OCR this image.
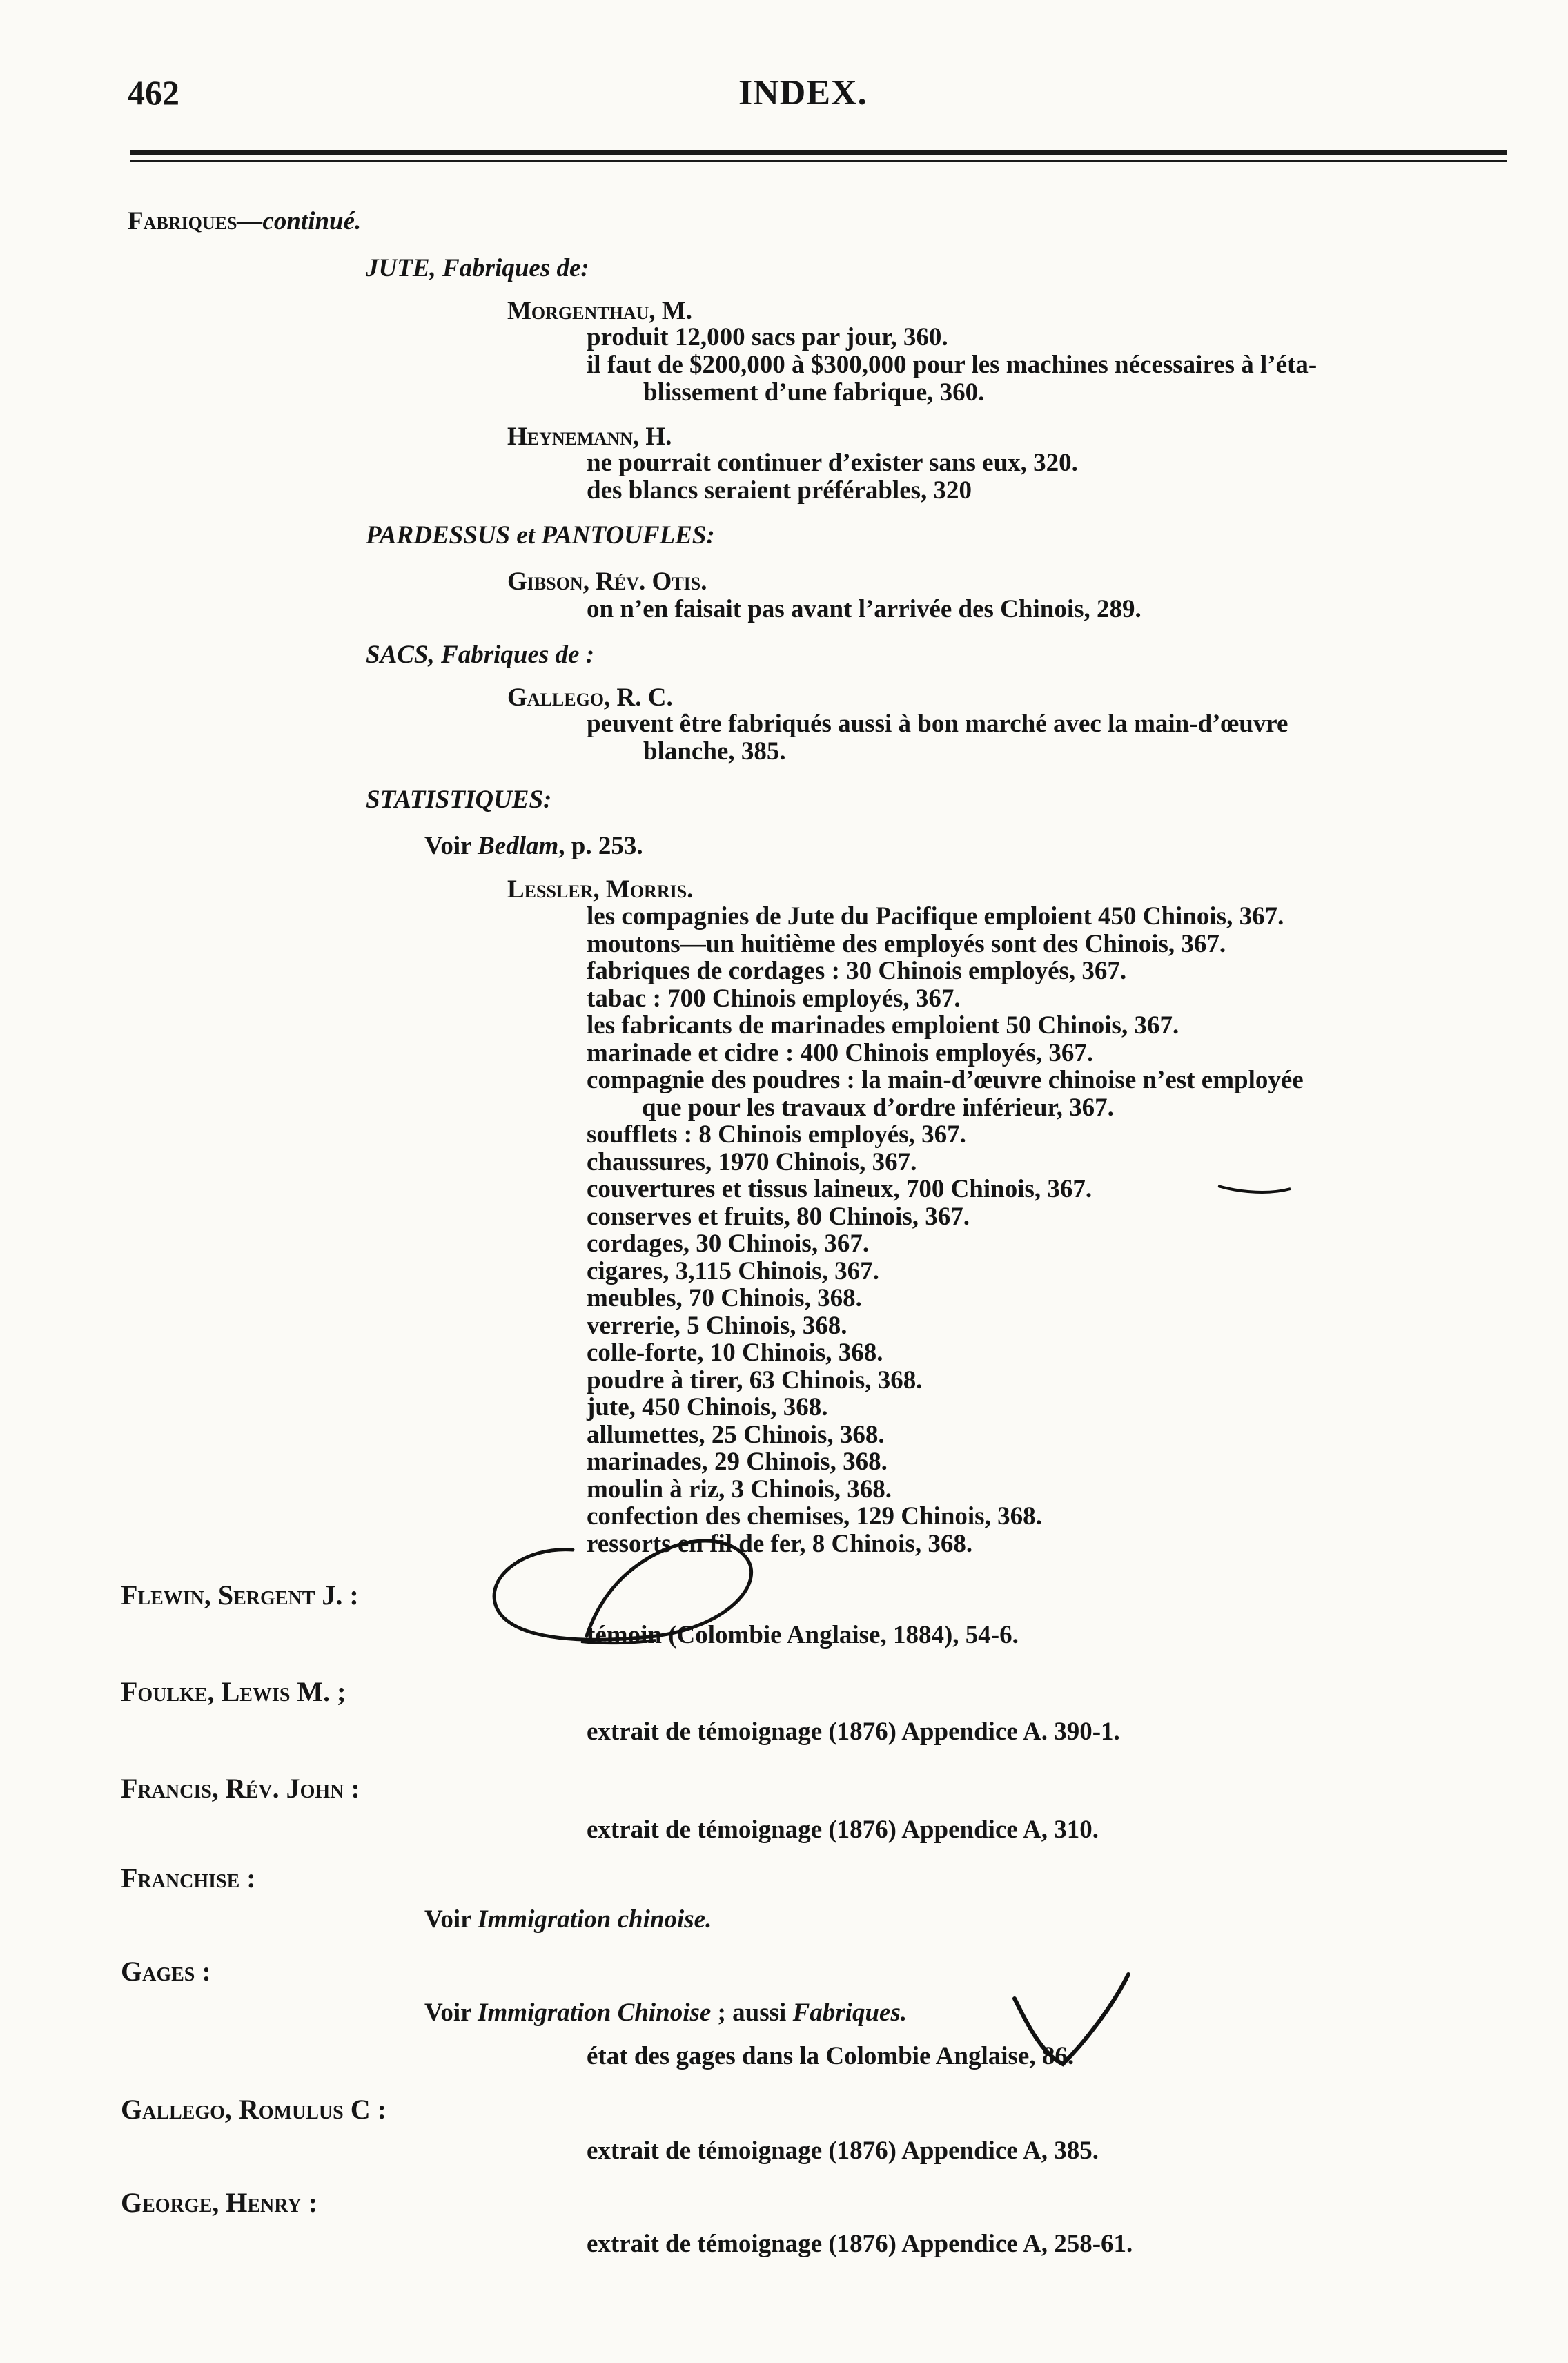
462	INDEX.
Fabriques—continué.
JUTE, Fabriques de:
Morgenthau, M.
produit 12,000 sacs par jour, 360.
il faut de $200,000 à $300,000 pour les machines nécessaires à l’éta-
blissement d’une fabrique, 360.
Heynemann, H.
ne pourrait continuer d’exister sans eux, 320.
des blancs seraient préférables, 320
PARDESSUS et PANTOUFLES:
Gibson, Rév. Otis.
on n’en faisait pas avant l’arrivée des Chinois, 289.
SACS, Fabriques de :
Gallego, R. C.
peuvent être fabriqués aussi à bon marché avec la main-d’œuvre
blanche, 385.
STATISTIQUES:
Voir Bedlam, p. 253.
Lessler, Morris.
les compagnies de Jute du Pacifique emploient 450 Chinois, 367.
moutons—un huitième des employés sont des Chinois, 367.
fabriques de cordages : 30 Chinois employés, 367.
tabac : 700 Chinois employés, 367.
les fabricants de marinades emploient 50 Chinois, 367.
marinade et cidre : 400 Chinois employés, 367.
compagnie des poudres : la main-d’œuvre chinoise n’est employée
que pour les travaux d’ordre inférieur, 367.
soufflets : 8 Chinois employés, 367.
chaussures, 1970 Chinois, 367.
couvertures et tissus laineux, 700 Chinois, 367.
conserves et fruits, 80 Chinois, 367.
cordages, 30 Chinois, 367.
cigares, 3,115 Chinois, 367.
meubles, 70 Chinois, 368.
verrerie, 5 Chinois, 368.
colle-forte, 10 Chinois, 368.
poudre à tirer, 63 Chinois, 368.
jute, 450 Chinois, 368.
allumettes, 25 Chinois, 368.
marinades, 29 Chinois, 368.
moulin à riz, 3 Chinois, 368.
confection des chemises, 129 Chinois, 368.
ressorts en fil de fer, 8 Chinois, 368.
Flewin, Sergent J. :
témoin (Colombie Anglaise, 1884), 54-6.
Foulke, Lewis M. ;
extrait de témoignage (1876) Appendice A. 390-1.
Francis, Rév. John :
extrait de témoignage (1876) Appendice A, 310.
Franchise :
Voir Immigration chinoise.
Gages :
Voir Immigration Chinoise ; aussi Fabriques.
état des gages dans la Colombie Anglaise, 86.
Gallego, Romulus C :
extrait de témoignage (1876) Appendice A, 385.
George, Henry :
extrait de témoignage (1876) Appendice A, 258-61.
